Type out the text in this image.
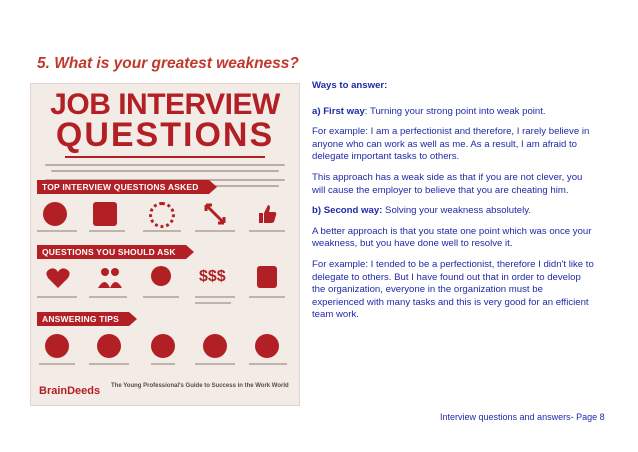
5. What is your greatest weakness?
JOB INTERVIEW
QUESTIONS
TOP INTERVIEW QUESTIONS ASKED
QUESTIONS YOU SHOULD ASK
$$$
ANSWERING TIPS
BrainDeeds The Young Professional's Guide to Success in the Work World

Ways to answer:

a) First way: Turning your strong point into weak point.

For example: I am a perfectionist and therefore, I rarely believe in anyone who can work as well as me. As a result, I am afraid to delegate important tasks to others.

This approach has a weak side as that if you are not clever, you will cause the employer to believe that you are cheating him.

b) Second way: Solving your weakness absolutely.

A better approach is that you state one point which was once your weakness, but you have done well to resolve it.

For example: I tended to be a perfectionist, therefore I didn't like to delegate to others. But I have found out that in order to develop the organization, everyone in the organization must be experienced with many tasks and this is very good for an efficient team work.

Interview questions and answers- Page 8
